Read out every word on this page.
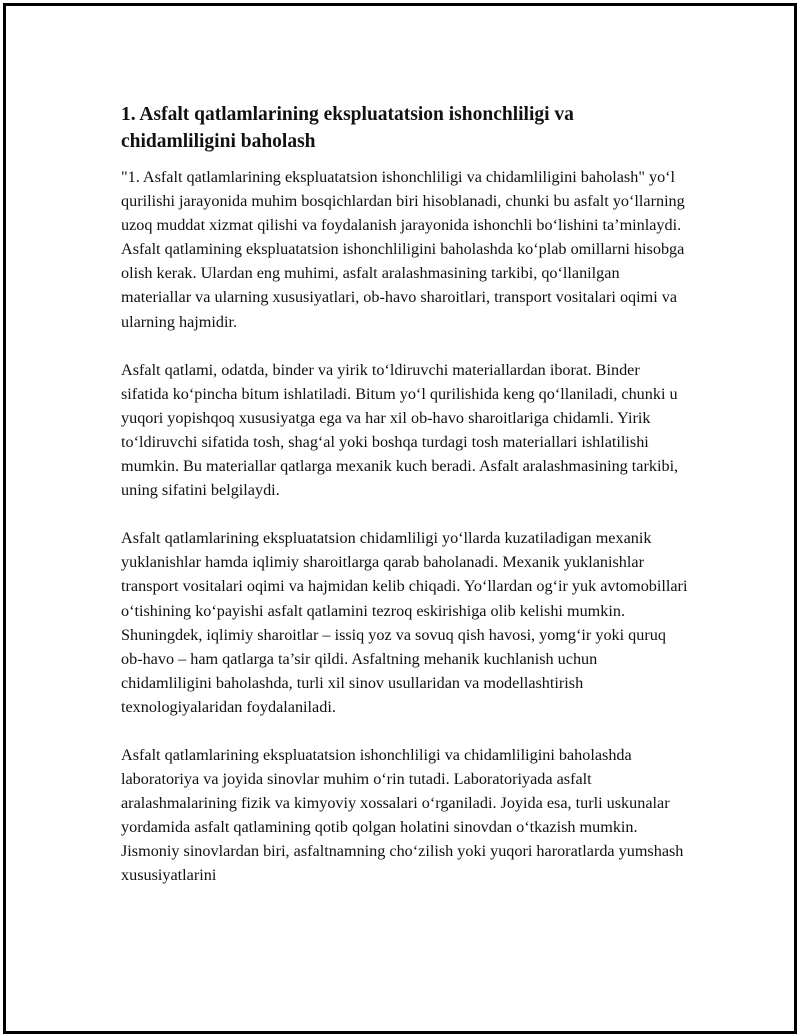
1. Asfalt qatlamlarining ekspluatatsion ishonchliligi va chidamliligini baholash

"1. Asfalt qatlamlarining ekspluatatsion ishonchliligi va chidamliligini baholash" yo‘l qurilishi jarayonida muhim bosqichlardan biri hisoblanadi, chunki bu asfalt yo‘llarning uzoq muddat xizmat qilishi va foydalanish jarayonida ishonchli bo‘lishini ta’minlaydi. Asfalt qatlamining ekspluatatsion ishonchliligini baholashda ko‘plab omillarni hisobga olish kerak. Ulardan eng muhimi, asfalt aralashmasining tarkibi, qo‘llanilgan materiallar va ularning xususiyatlari, ob-havo sharoitlari, transport vositalari oqimi va ularning hajmidir.

Asfalt qatlami, odatda, binder va yirik to‘ldiruvchi materiallardan iborat. Binder sifatida ko‘pincha bitum ishlatiladi. Bitum yo‘l qurilishida keng qo‘llaniladi, chunki u yuqori yopishqoq xususiyatga ega va har xil ob-havo sharoitlariga chidamli. Yirik to‘ldiruvchi sifatida tosh, shag‘al yoki boshqa turdagi tosh materiallari ishlatilishi mumkin. Bu materiallar qatlarga mexanik kuch beradi. Asfalt aralashmasining tarkibi, uning sifatini belgilaydi.

Asfalt qatlamlarining ekspluatatsion chidamliligi yo‘llarda kuzatiladigan mexanik yuklanishlar hamda iqlimiy sharoitlarga qarab baholanadi. Mexanik yuklanishlar transport vositalari oqimi va hajmidan kelib chiqadi. Yo‘llardan og‘ir yuk avtomobillari o‘tishining ko‘payishi asfalt qatlamini tezroq eskirishiga olib kelishi mumkin. Shuningdek, iqlimiy sharoitlar – issiq yoz va sovuq qish havosi, yomg‘ir yoki quruq ob-havo – ham qatlarga ta’sir qildi. Asfaltning mehanik kuchlanish uchun chidamliligini baholashda, turli xil sinov usullaridan va modellashtirish texnologiyalaridan foydalaniladi.

Asfalt qatlamlarining ekspluatatsion ishonchliligi va chidamliligini baholashda laboratoriya va joyida sinovlar muhim o‘rin tutadi. Laboratoriyada asfalt aralashmalarining fizik va kimyoviy xossalari o‘rganiladi. Joyida esa, turli uskunalar yordamida asfalt qatlamining qotib qolgan holatini sinovdan o‘tkazish mumkin. Jismoniy sinovlardan biri, asfaltnamning cho‘zilish yoki yuqori haroratlarda yumshash xususiyatlarini
